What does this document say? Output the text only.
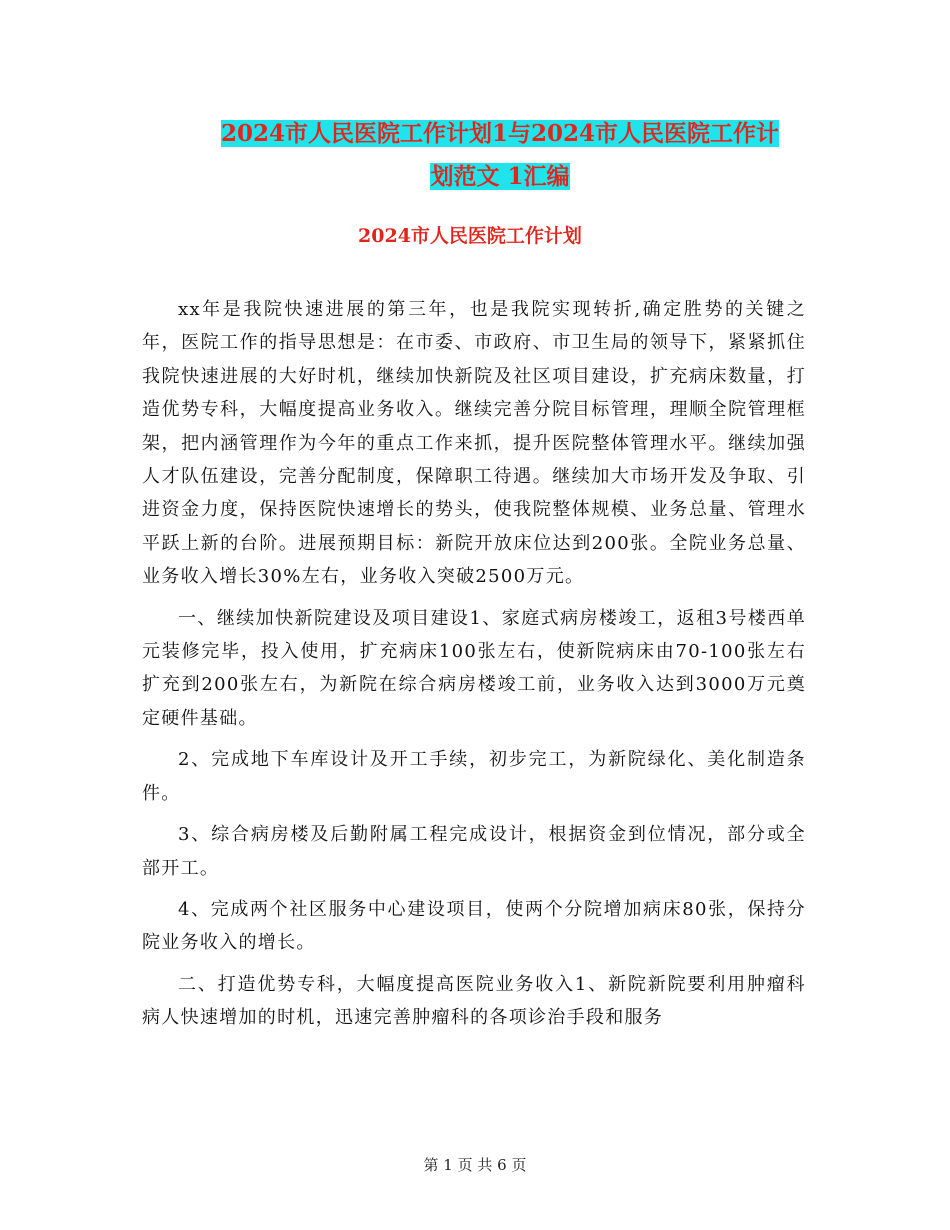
2024市人民医院工作计划1与2024市人民医院工作计
划范文 1汇编
2024市人民医院工作计划

xx年是我院快速进展的第三年，也是我院实现转折,确定胜势的关键之年，医院工作的指导思想是：在市委、市政府、市卫生局的领导下，紧紧抓住我院快速进展的大好时机，继续加快新院及社区项目建设，扩充病床数量，打造优势专科，大幅度提高业务收入。继续完善分院目标管理，理顺全院管理框架，把内涵管理作为今年的重点工作来抓，提升医院整体管理水平。继续加强人才队伍建设，完善分配制度，保障职工待遇。继续加大市场开发及争取、引进资金力度，保持医院快速增长的势头，使我院整体规模、业务总量、管理水平跃上新的台阶。进展预期目标：新院开放床位达到200张。全院业务总量、业务收入增长30%左右，业务收入突破2500万元。

一、继续加快新院建设及项目建设1、家庭式病房楼竣工，返租3号楼西单元装修完毕，投入使用，扩充病床100张左右，使新院病床由70-100张左右扩充到200张左右，为新院在综合病房楼竣工前，业务收入达到3000万元奠定硬件基础。

2、完成地下车库设计及开工手续，初步完工，为新院绿化、美化制造条件。

3、综合病房楼及后勤附属工程完成设计，根据资金到位情况，部分或全部开工。

4、完成两个社区服务中心建设项目，使两个分院增加病床80张，保持分院业务收入的增长。

二、打造优势专科，大幅度提高医院业务收入1、新院新院要利用肿瘤科病人快速增加的时机，迅速完善肿瘤科的各项诊治手段和服务

第 1 页 共 6 页
